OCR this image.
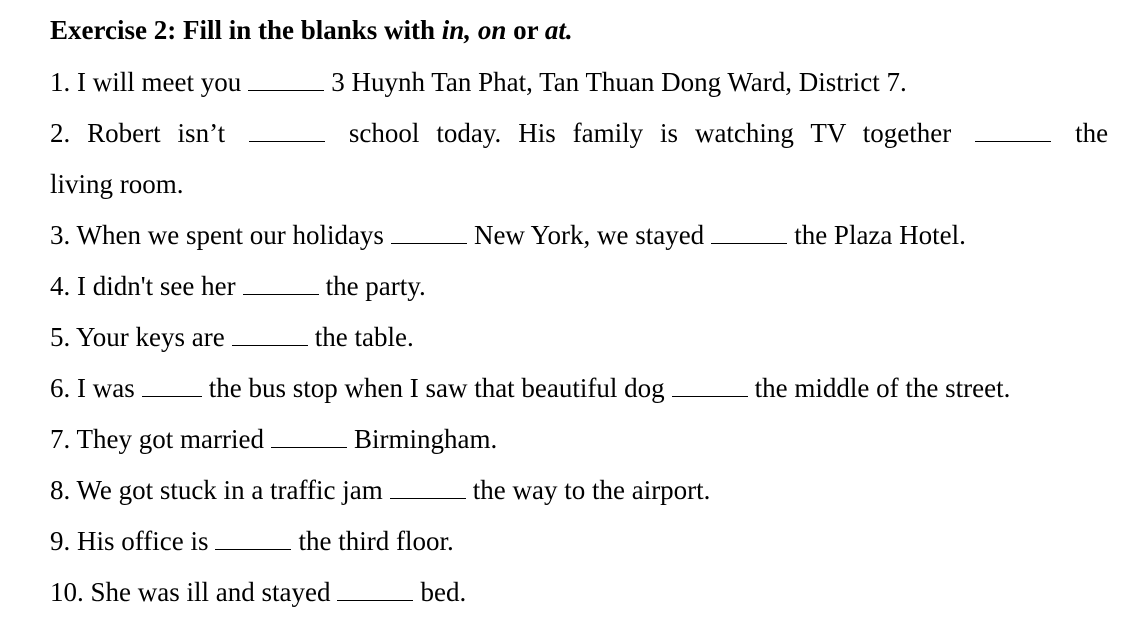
Exercise 2: Fill in the blanks with in, on or at.
1. I will meet you	3 Huynh Tan Phat, Tan Thuan Dong Ward, District 7.
2. Robert isn’t	school today. His family is watching TV together	the
living room.
3. When we spent our holidays	New York, we stayed	the Plaza Hotel.
4. I didn't see her	the party.
5. Your keys are	the table.
6. I was	the bus stop when I saw that beautiful dog	the middle of the street.
7. They got married	Birmingham.
8. We got stuck in a traffic jam	the way to the airport.
9. His office is	the third floor.
10. She was ill and stayed	bed.
